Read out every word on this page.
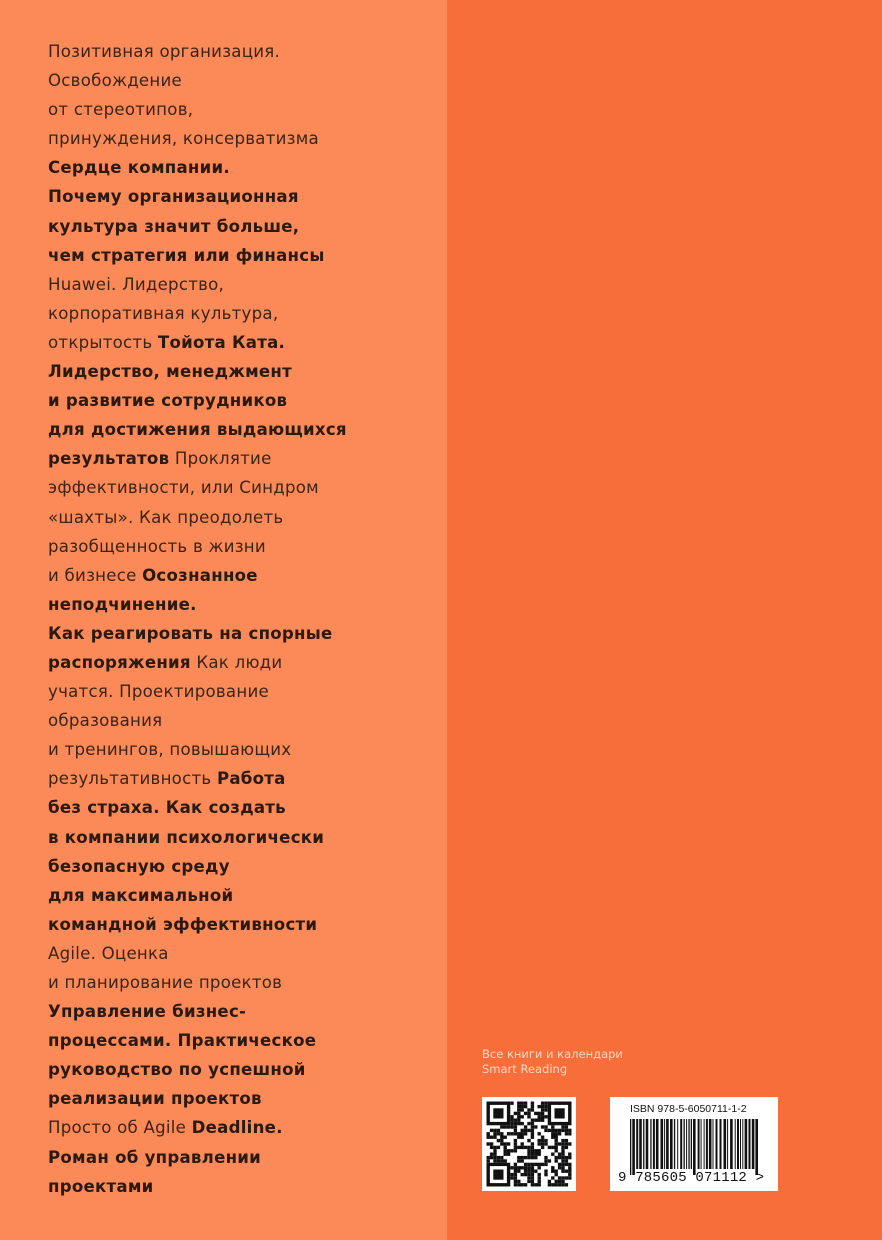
Позитивная организация.
Освобождение
от стереотипов,
принуждения, консерватизма
Сердце компании.
Почему организационная
культура значит больше,
чем стратегия или финансы
Huawei. Лидерство,
корпоративная культура,
открытость Тойота Ката.
Лидерство, менеджмент
и развитие сотрудников
для достижения выдающихся
результатов Проклятие
эффективности, или Синдром
«шахты». Как преодолеть
разобщенность в жизни
и бизнесе Осознанное
неподчинение.
Как реагировать на спорные
распоряжения Как люди
учатся. Проектирование
образования
и тренингов, повышающих
результативность Работа
без страха. Как создать
в компании психологически
безопасную среду
для максимальной
командной эффективности
Agile. Оценка
и планирование проектов
Управление бизнес-
процессами. Практическое
руководство по успешной
реализации проектов
Просто об Agile Deadline.
Роман об управлении
проектами
Все книги и календари
Smart Reading
ISBN 978-5-6050711-1-2
9 785605 071112 >
